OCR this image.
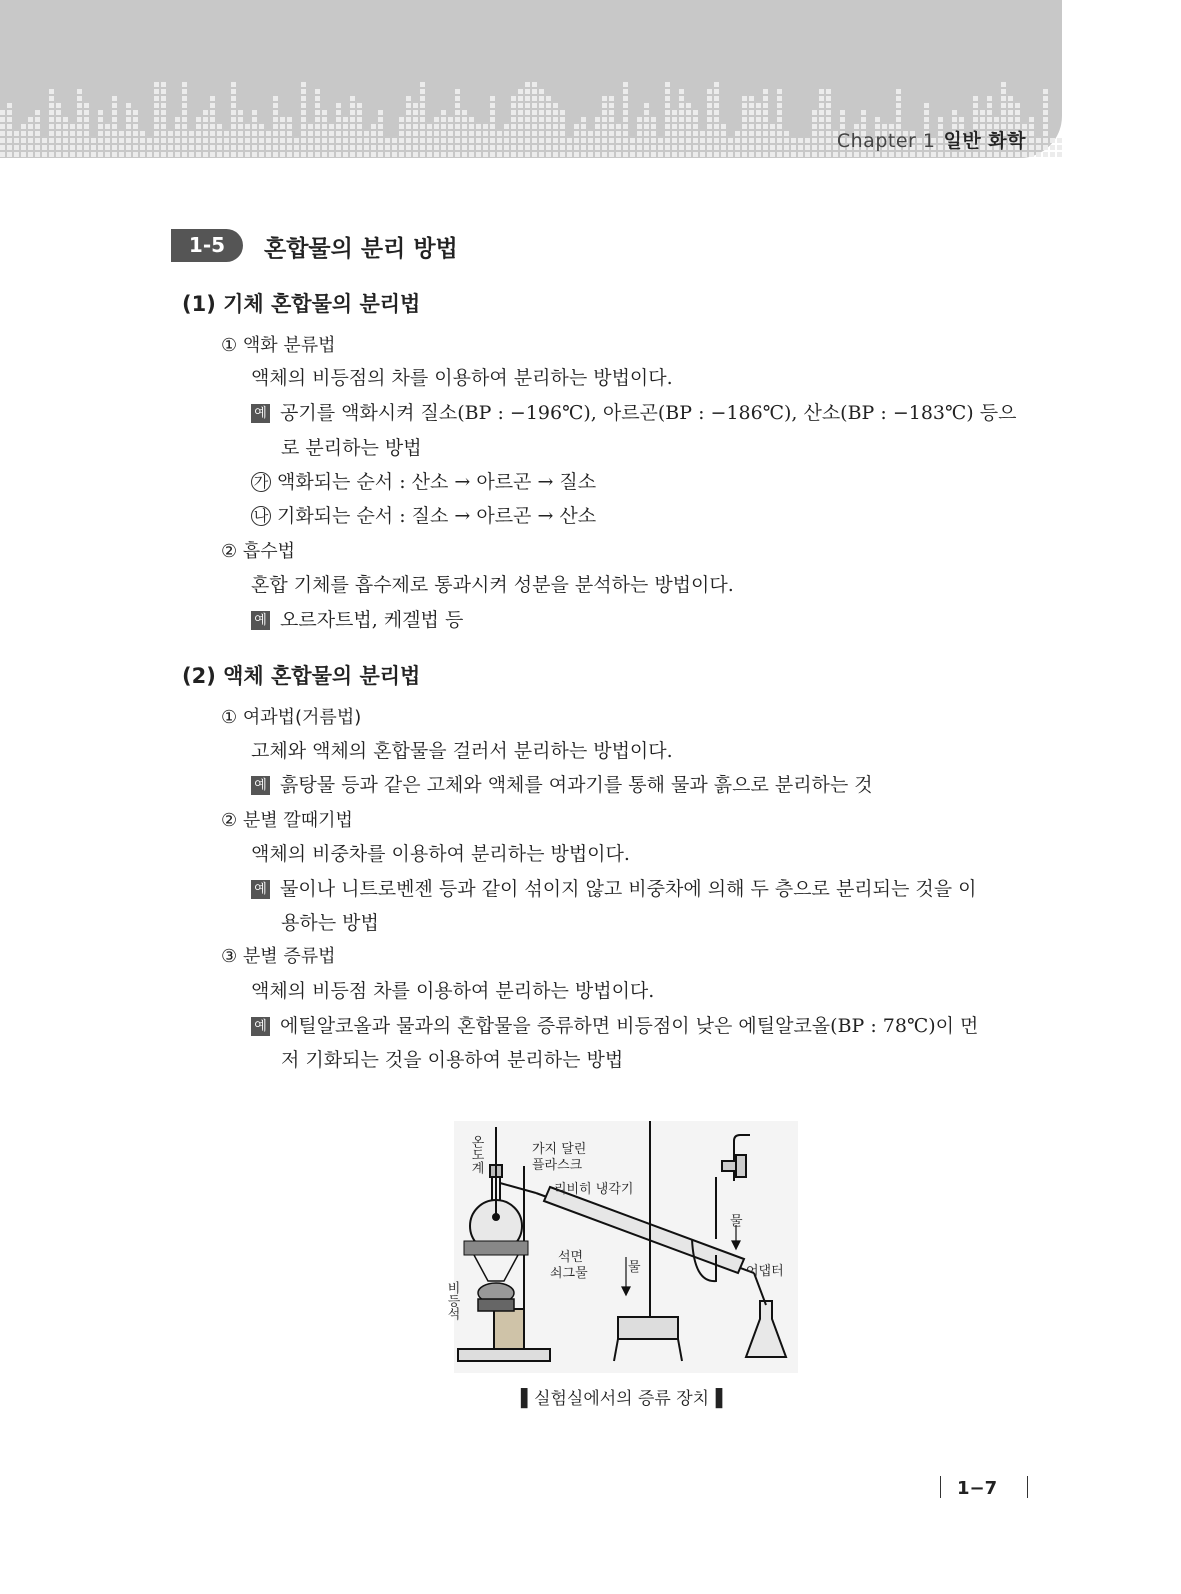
Chapter 1 일반 화학
1-5	혼합물의 분리 방법
(1) 기체 혼합물의 분리법
① 액화 분류법
액체의 비등점의 차를 이용하여 분리하는 방법이다.
예 공기를 액화시켜 질소(BP : −196℃), 아르곤(BP : −186℃), 산소(BP : −183℃) 등으
로 분리하는 방법
가 액화되는 순서 : 산소 → 아르곤 → 질소
나 기화되는 순서 : 질소 → 아르곤 → 산소
② 흡수법
혼합 기체를 흡수제로 통과시켜 성분을 분석하는 방법이다.
예 오르자트법, 케겔법 등
(2) 액체 혼합물의 분리법
① 여과법(거름법)
고체와 액체의 혼합물을 걸러서 분리하는 방법이다.
예 흙탕물 등과 같은 고체와 액체를 여과기를 통해 물과 흙으로 분리하는 것
② 분별 깔때기법
액체의 비중차를 이용하여 분리하는 방법이다.
예 물이나 니트로벤젠 등과 같이 섞이지 않고 비중차에 의해 두 층으로 분리되는 것을 이
용하는 방법
③ 분별 증류법
액체의 비등점 차를 이용하여 분리하는 방법이다.
예 에틸알코올과 물과의 혼합물을 증류하면 비등점이 낮은 에틸알코올(BP : 78℃)이 먼
저 기화되는 것을 이용하여 분리하는 방법
온도계	가지 달린
플라스크
리비히 냉각기
물
물
석면
쇠그물
비등석
어댑터
▌실험실에서의 증류 장치▐
1−7
